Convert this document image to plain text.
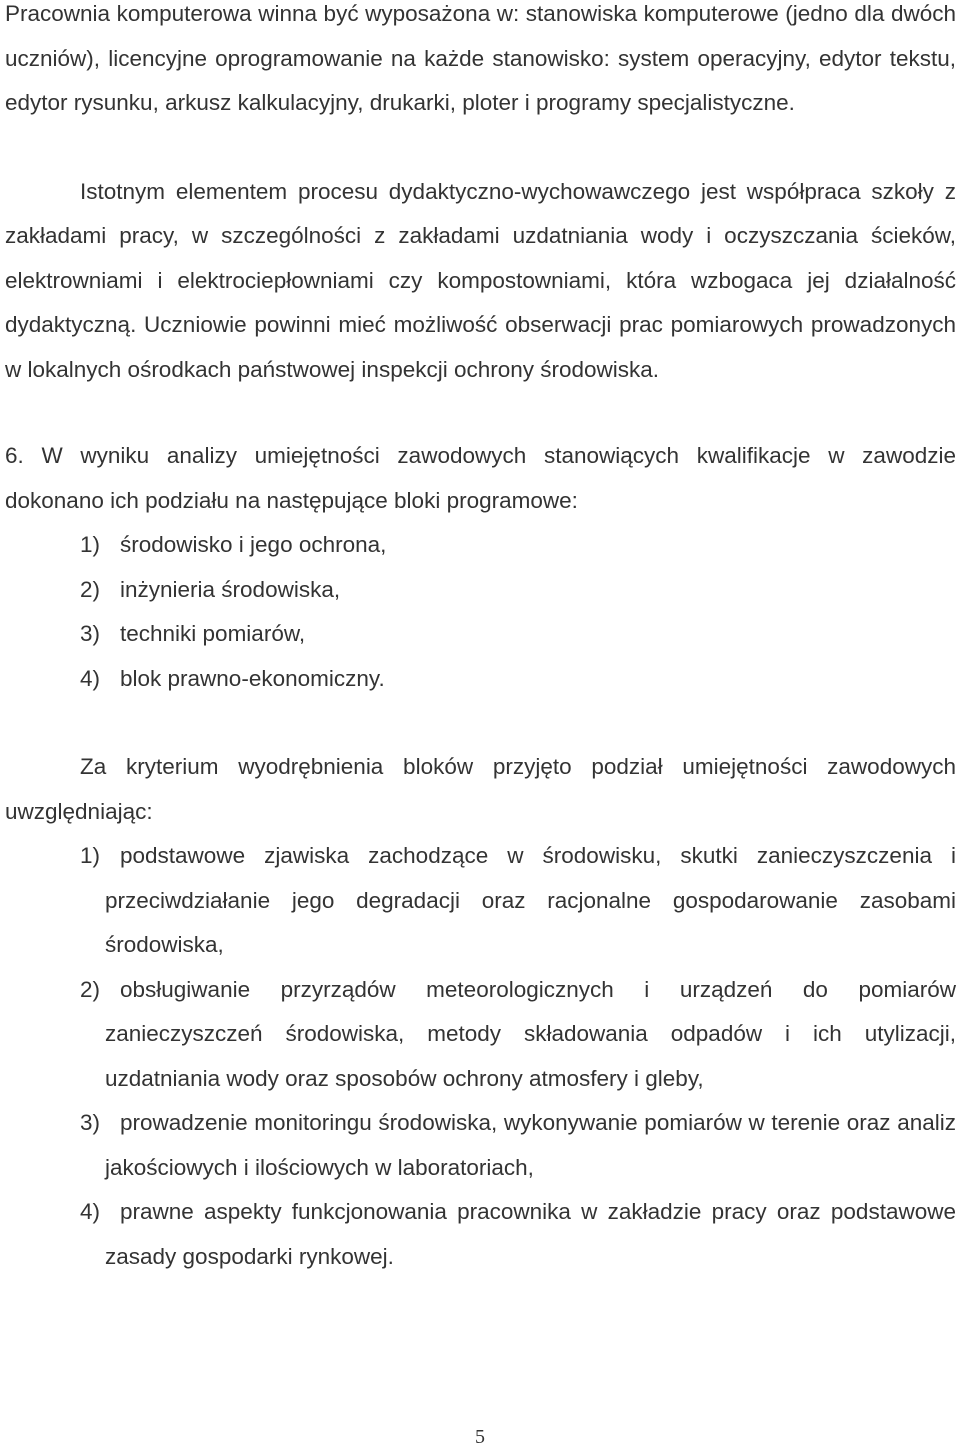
Pracownia komputerowa winna być wyposażona w: stanowiska komputerowe (jedno dla dwóch uczniów), licencyjne oprogramowanie na każde stanowisko: system operacyjny, edytor tekstu, edytor rysunku, arkusz kalkulacyjny, drukarki, ploter i programy specjalistyczne.

Istotnym elementem procesu dydaktyczno-wychowawczego jest współpraca szkoły z zakładami pracy, w szczególności z zakładami uzdatniania wody i oczyszczania ścieków, elektrowniami i elektrociepłowniami czy kompostowniami, która wzbogaca jej działalność dydaktyczną. Uczniowie powinni mieć możliwość obserwacji prac pomiarowych prowadzonych w lokalnych ośrodkach państwowej inspekcji ochrony środowiska.

6. W wyniku analizy umiejętności zawodowych stanowiących kwalifikacje w zawodzie dokonano ich podziału na następujące bloki programowe:

1) środowisko i jego ochrona,
2) inżynieria środowiska,
3) techniki pomiarów,
4) blok prawno-ekonomiczny.

Za kryterium wyodrębnienia bloków przyjęto podział umiejętności zawodowych uwzględniając:

1) podstawowe zjawiska zachodzące w środowisku, skutki zanieczyszczenia i przeciwdziałanie jego degradacji oraz racjonalne gospodarowanie zasobami środowiska,
2) obsługiwanie przyrządów meteorologicznych i urządzeń do pomiarów zanieczyszczeń środowiska, metody składowania odpadów i ich utylizacji, uzdatniania wody oraz sposobów ochrony atmosfery i gleby,
3) prowadzenie monitoringu środowiska, wykonywanie pomiarów w terenie oraz analiz jakościowych i ilościowych w laboratoriach,
4) prawne aspekty funkcjonowania pracownika w zakładzie pracy oraz podstawowe zasady gospodarki rynkowej.
5
